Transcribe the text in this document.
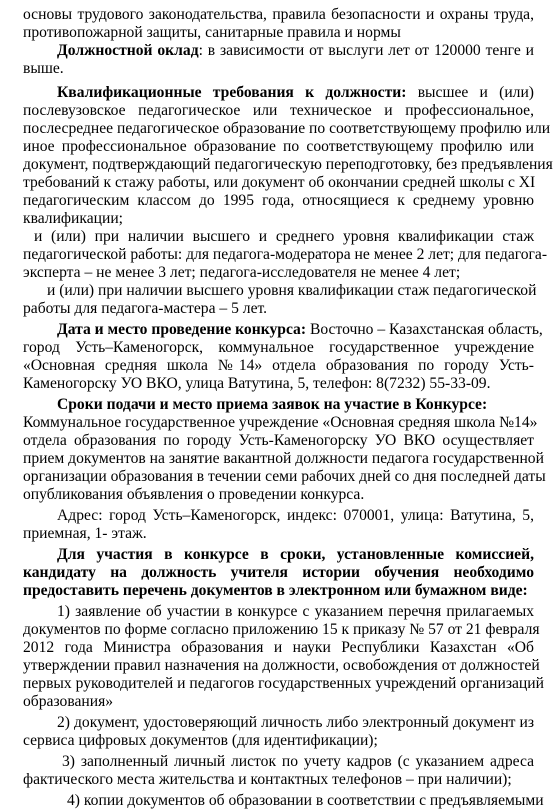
основы трудового законодательства, правила безопасности и охраны труда,
противопожарной защиты, санитарные правила и нормы
Должностной оклад: в зависимости от выслуги лет от 120000 тенге и
выше.
Квалификационные требования к должности: высшее и (или)
послевузовское педагогическое или техническое и профессиональное,
послесреднее педагогическое образование по соответствующему профилю или
иное профессиональное образование по соответствующему профилю или
документ, подтверждающий педагогическую переподготовку, без предъявления
требований к стажу работы, или документ об окончании средней школы с XI
педагогическим классом до 1995 года, относящиеся к среднему уровню
квалификации;
и (или) при наличии высшего и среднего уровня квалификации стаж
педагогической работы: для педагога-модератора не менее 2 лет; для педагога-
эксперта – не менее 3 лет; педагога-исследователя не менее 4 лет;
и (или) при наличии высшего уровня квалификации стаж педагогической
работы для педагога-мастера – 5 лет.
Дата и место проведение конкурса: Восточно – Казахстанская область,
город Усть–Каменогорск, коммунальное государственное учреждение
«Основная средняя школа №14» отдела образования по городу Усть-
Каменогорску УО ВКО, улица Ватутина, 5, телефон: 8(7232) 55-33-09.
Сроки подачи и место приема заявок на участие в Конкурсе:
Коммунальное государственное учреждение «Основная средняя школа №14»
отдела образования по городу Усть-Каменогорску УО ВКО осуществляет
прием документов на занятие вакантной должности педагога государственной
организации образования в течении семи рабочих дней со дня последней даты
опубликования объявления о проведении конкурса.
Адрес: город Усть–Каменогорск, индекс: 070001, улица: Ватутина, 5,
приемная, 1- этаж.
Для участия в конкурсе в сроки, установленные комиссией,
кандидату на должность учителя истории обучения необходимо
предоставить перечень документов в электронном или бумажном виде:
1) заявление об участии в конкурсе с указанием перечня прилагаемых
документов по форме согласно приложению 15 к приказу № 57 от 21 февраля
2012 года Министра образования и науки Республики Казахстан «Об
утверждении правил назначения на должности, освобождения от должностей
первых руководителей и педагогов государственных учреждений организаций
образования»
2) документ, удостоверяющий личность либо электронный документ из
сервиса цифровых документов (для идентификации);
3) заполненный личный листок по учету кадров (с указанием адреса
фактического места жительства и контактных телефонов – при наличии);
4) копии документов об образовании в соответствии с предъявляемыми
